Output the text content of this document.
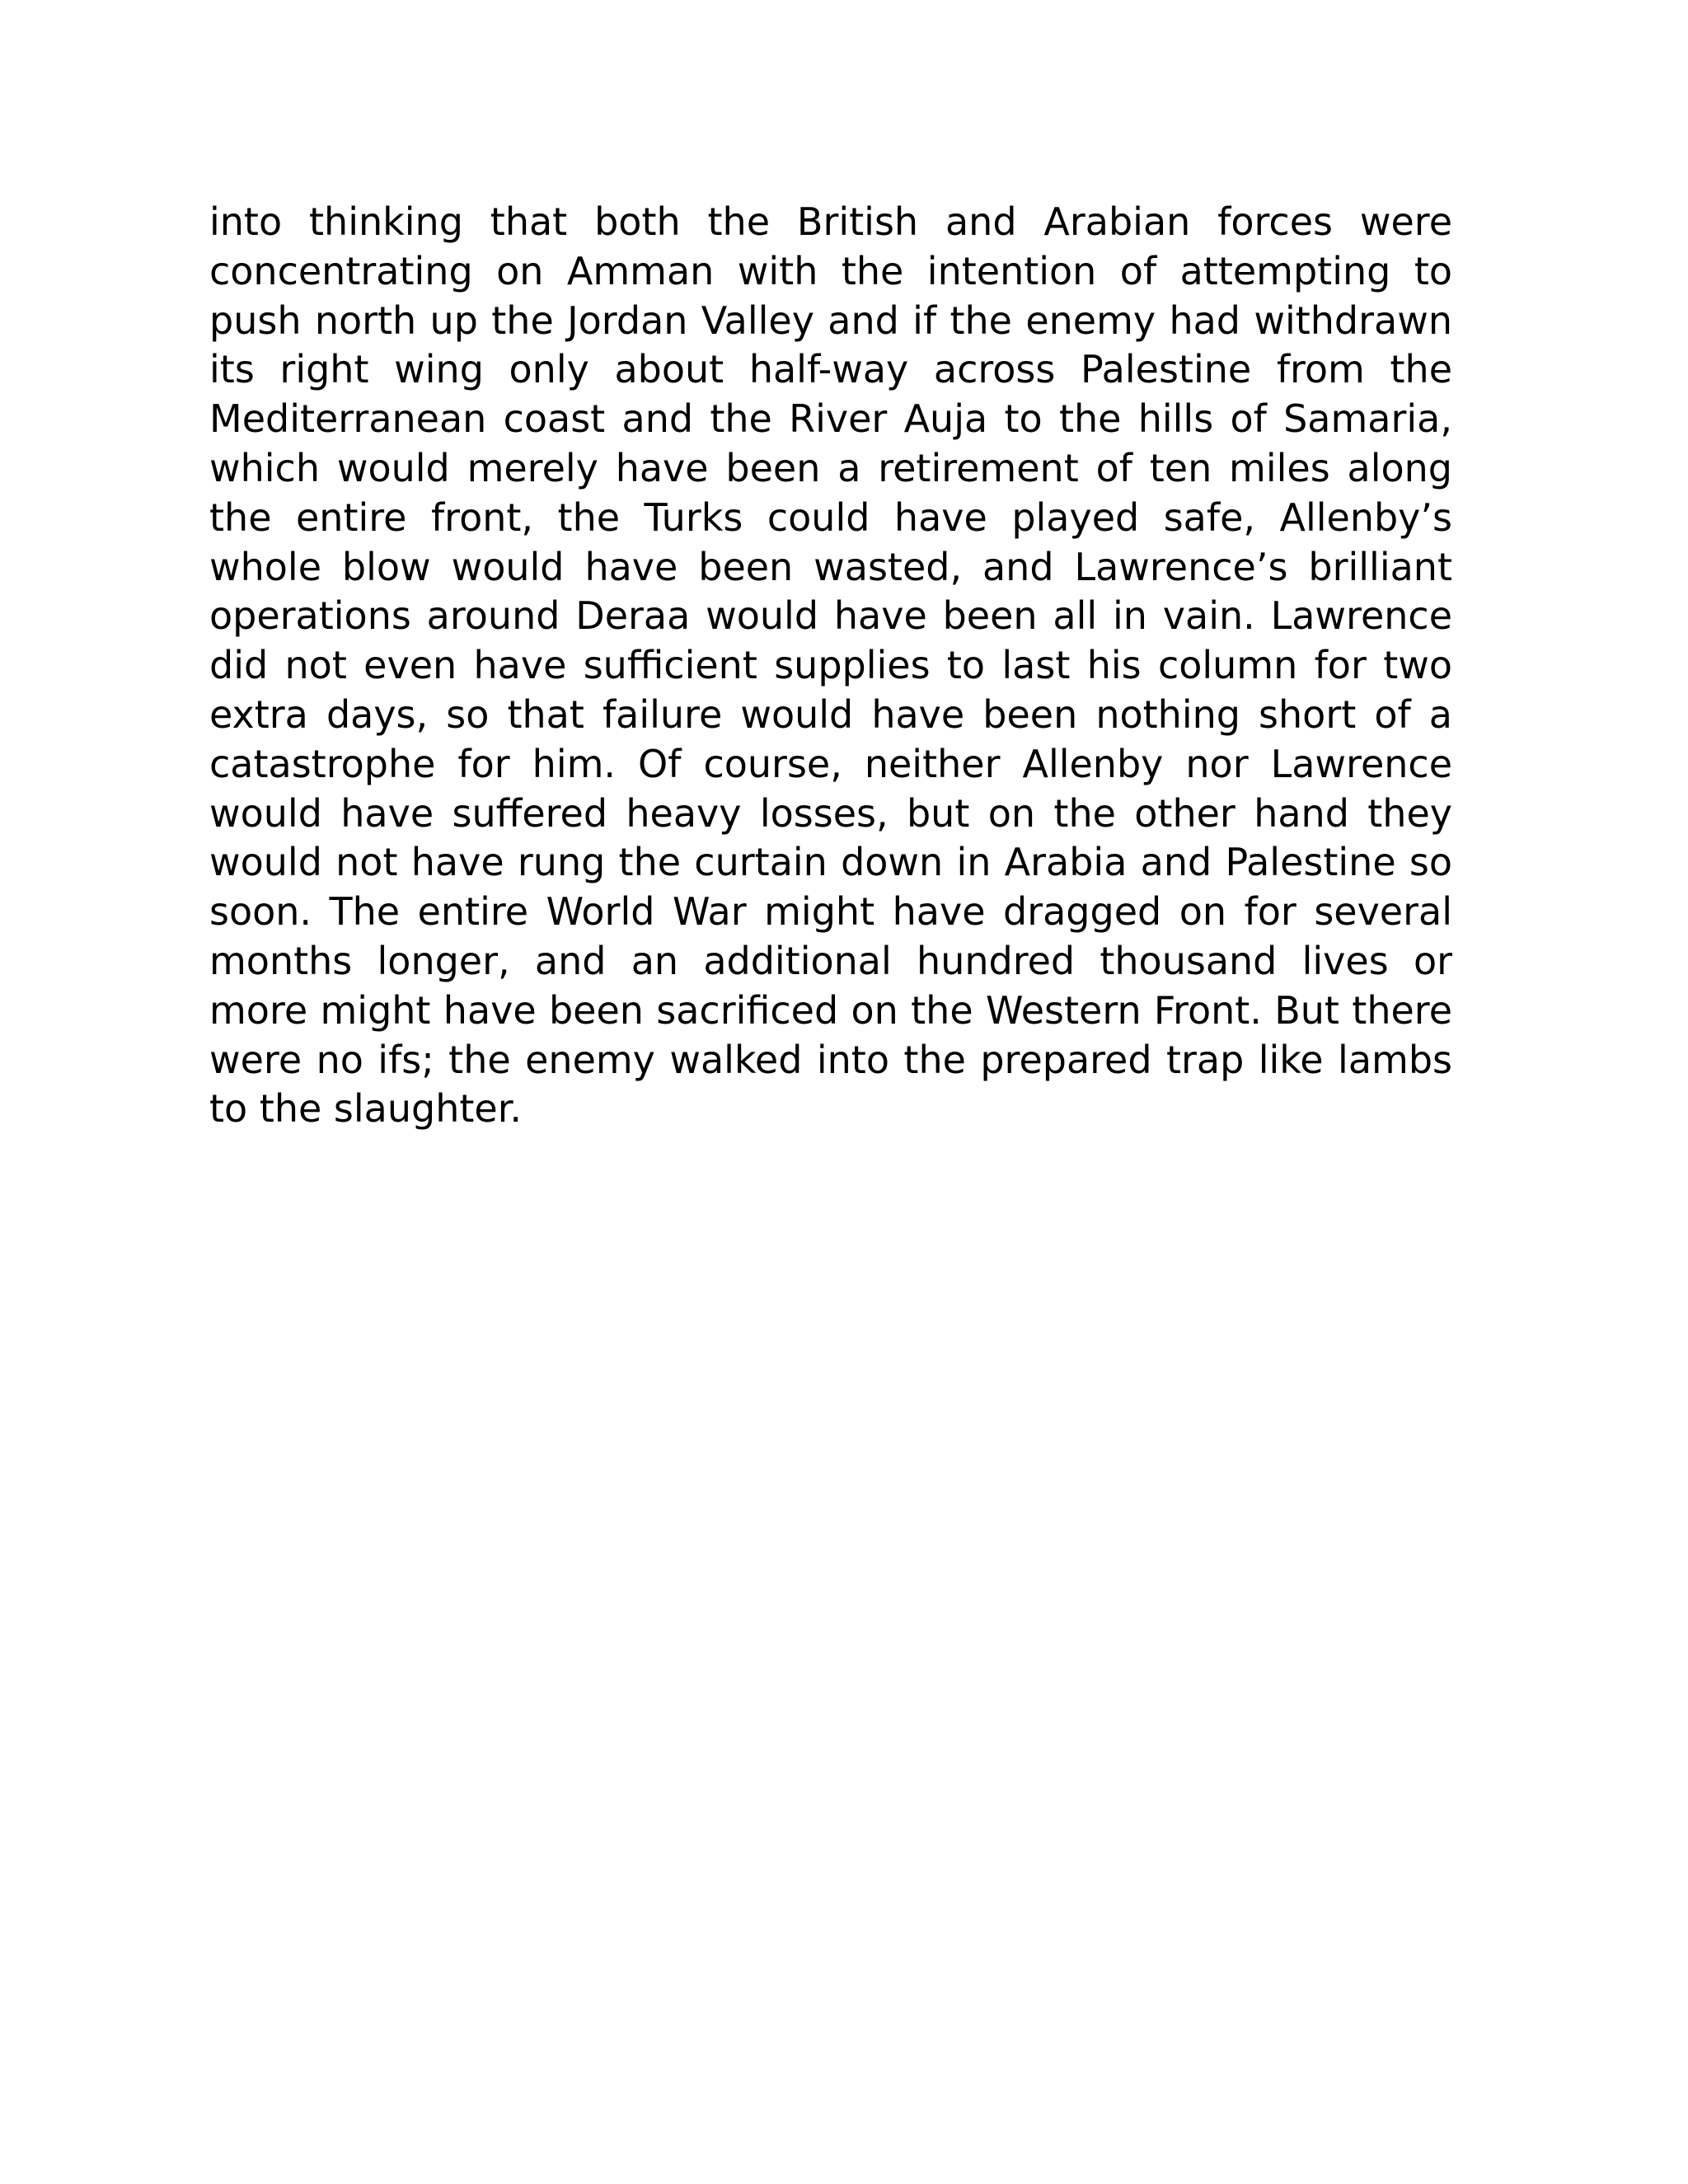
into thinking that both the British and Arabian forces were concentrating on Amman with the intention of attempting to push north up the Jordan Valley and if the enemy had withdrawn its right wing only about half-way across Palestine from the Mediterranean coast and the River Auja to the hills of Samaria, which would merely have been a retirement of ten miles along the entire front, the Turks could have played safe, Allenby’s whole blow would have been wasted, and Lawrence’s brilliant operations around Deraa would have been all in vain. Lawrence did not even have sufficient supplies to last his column for two extra days, so that failure would have been nothing short of a catastrophe for him. Of course, neither Allenby nor Lawrence would have suffered heavy losses, but on the other hand they would not have rung the curtain down in Arabia and Palestine so soon. The entire World War might have dragged on for several months longer, and an additional hundred thousand lives or more might have been sacrificed on the Western Front. But there were no ifs; the enemy walked into the prepared trap like lambs to the slaughter.
